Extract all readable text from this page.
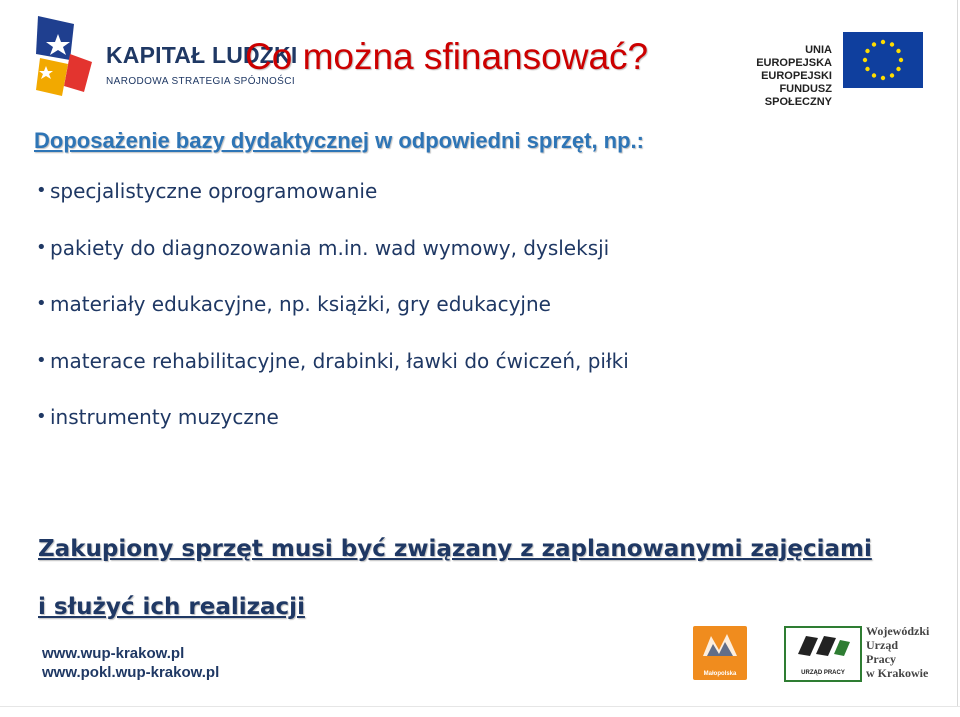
KAPITAŁ LUDZKI
NARODOWA STRATEGIA SPÓJNOŚCI
Co można sfinansować?	UNIA EUROPEJSKA
EUROPEJSKI
FUNDUSZ SPOŁECZNY
Doposażenie bazy dydaktycznej w odpowiedni sprzęt, np.:
• specjalistyczne oprogramowanie
• pakiety do diagnozowania m.in. wad wymowy, dysleksji
• materiały edukacyjne, np. książki, gry edukacyjne
• materace rehabilitacyjne, drabinki, ławki do ćwiczeń, piłki
• instrumenty muzyczne
Zakupiony sprzęt musi być związany z zaplanowanymi zajęciami
i służyć ich realizacji
www.wup-krakow.pl
www.pokl.wup-krakow.pl	Małopolska	URZĄD PRACY
Wojewódzki
Urząd
Pracy
w Krakowie
